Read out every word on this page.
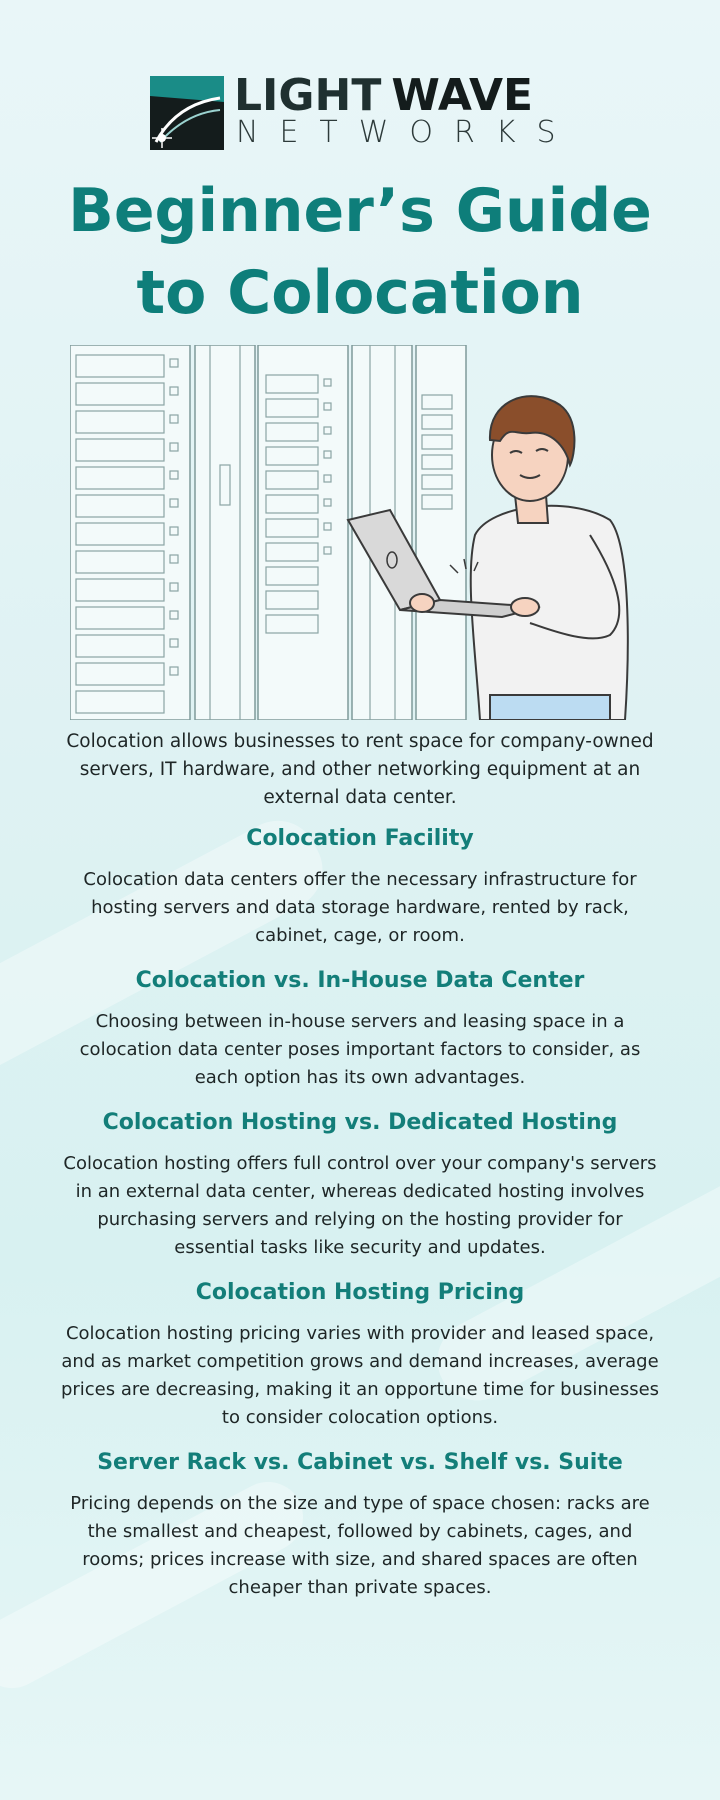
LIGHT WAVE
NETWORKS
Beginner’s Guide
to Colocation

Colocation allows businesses to rent space for company-owned servers, IT hardware, and other networking equipment at an external data center.

Colocation Facility

Colocation data centers offer the necessary infrastructure for hosting servers and data storage hardware, rented by rack, cabinet, cage, or room.

Colocation vs. In-House Data Center

Choosing between in-house servers and leasing space in a colocation data center poses important factors to consider, as each option has its own advantages.

Colocation Hosting vs. Dedicated Hosting

Colocation hosting offers full control over your company's servers in an external data center, whereas dedicated hosting involves purchasing servers and relying on the hosting provider for essential tasks like security and updates.

Colocation Hosting Pricing

Colocation hosting pricing varies with provider and leased space, and as market competition grows and demand increases, average prices are decreasing, making it an opportune time for businesses to consider colocation options.

Server Rack vs. Cabinet vs. Shelf vs. Suite

Pricing depends on the size and type of space chosen: racks are the smallest and cheapest, followed by cabinets, cages, and rooms; prices increase with size, and shared spaces are often cheaper than private spaces.
